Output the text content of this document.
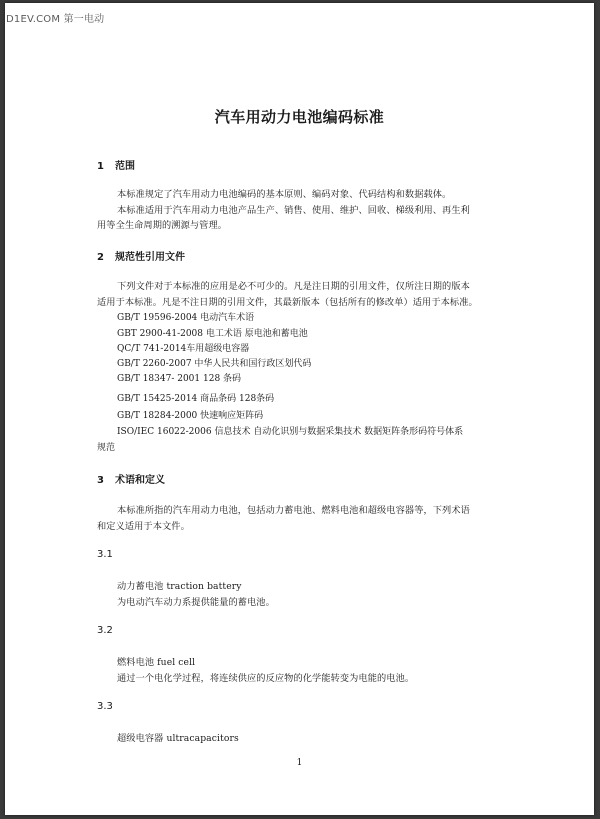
D1EV.COM 第一电动
汽车用动力电池编码标准
1 范围
本标准规定了汽车用动力电池编码的基本原则、编码对象、代码结构和数据载体。
本标准适用于汽车用动力电池产品生产、销售、使用、维护、回收、梯级利用、再生利
用等全生命周期的溯源与管理。
2 规范性引用文件
下列文件对于本标准的应用是必不可少的。凡是注日期的引用文件，仅所注日期的版本
适用于本标准。凡是不注日期的引用文件，其最新版本（包括所有的修改单）适用于本标准。
GB/T 19596-2004 电动汽车术语
GBT 2900-41-2008 电工术语 原电池和蓄电池
QC/T 741-2014车用超级电容器
GB/T 2260-2007 中华人民共和国行政区划代码
GB/T 18347- 2001 128 条码
GB/T 15425-2014 商品条码 128条码
GB/T 18284-2000 快速响应矩阵码
ISO/IEC 16022-2006 信息技术 自动化识别与数据采集技术 数据矩阵条形码符号体系
规范
3 术语和定义
本标准所指的汽车用动力电池，包括动力蓄电池、燃料电池和超级电容器等，下列术语
和定义适用于本文件。
3.1
动力蓄电池 traction battery
为电动汽车动力系提供能量的蓄电池。
3.2
燃料电池 fuel cell
通过一个电化学过程，将连续供应的反应物的化学能转变为电能的电池。
3.3
超级电容器 ultracapacitors
1
